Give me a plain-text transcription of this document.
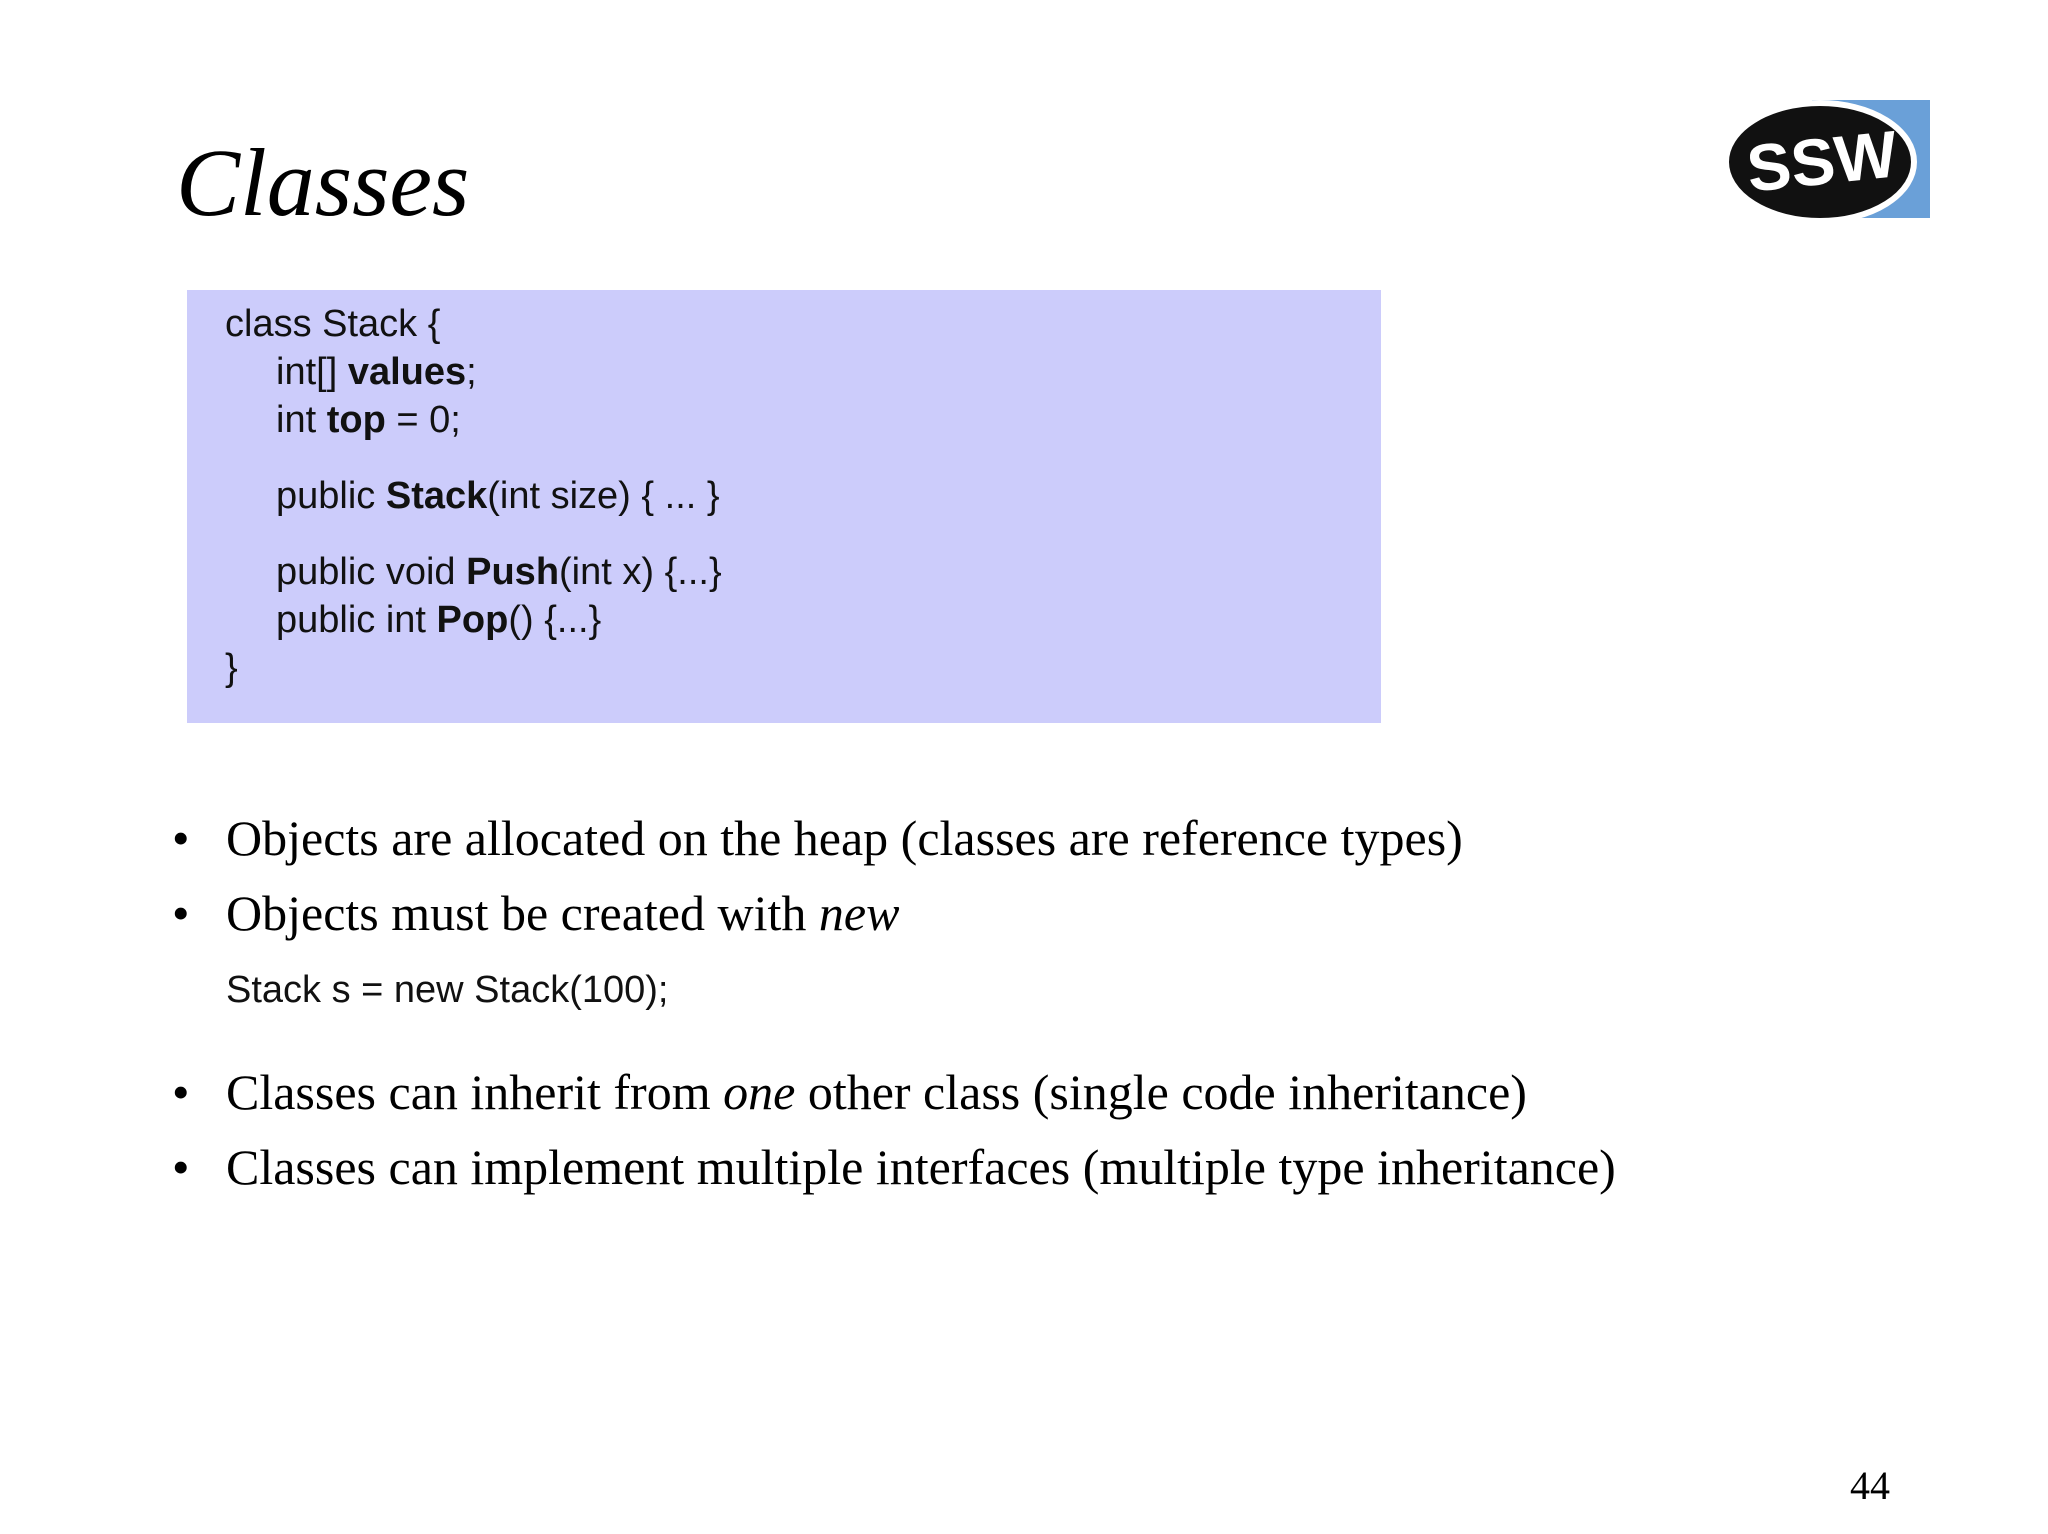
Classes	SSW
class Stack {
int[] values;
int top = 0;
public Stack(int size) { ... }
public void Push(int x) {...}
public int Pop() {...}
}
• Objects are allocated on the heap (classes are reference types)
• Objects must be created with new
Stack s = new Stack(100);
• Classes can inherit from one other class (single code inheritance)
• Classes can implement multiple interfaces (multiple type inheritance)
44
